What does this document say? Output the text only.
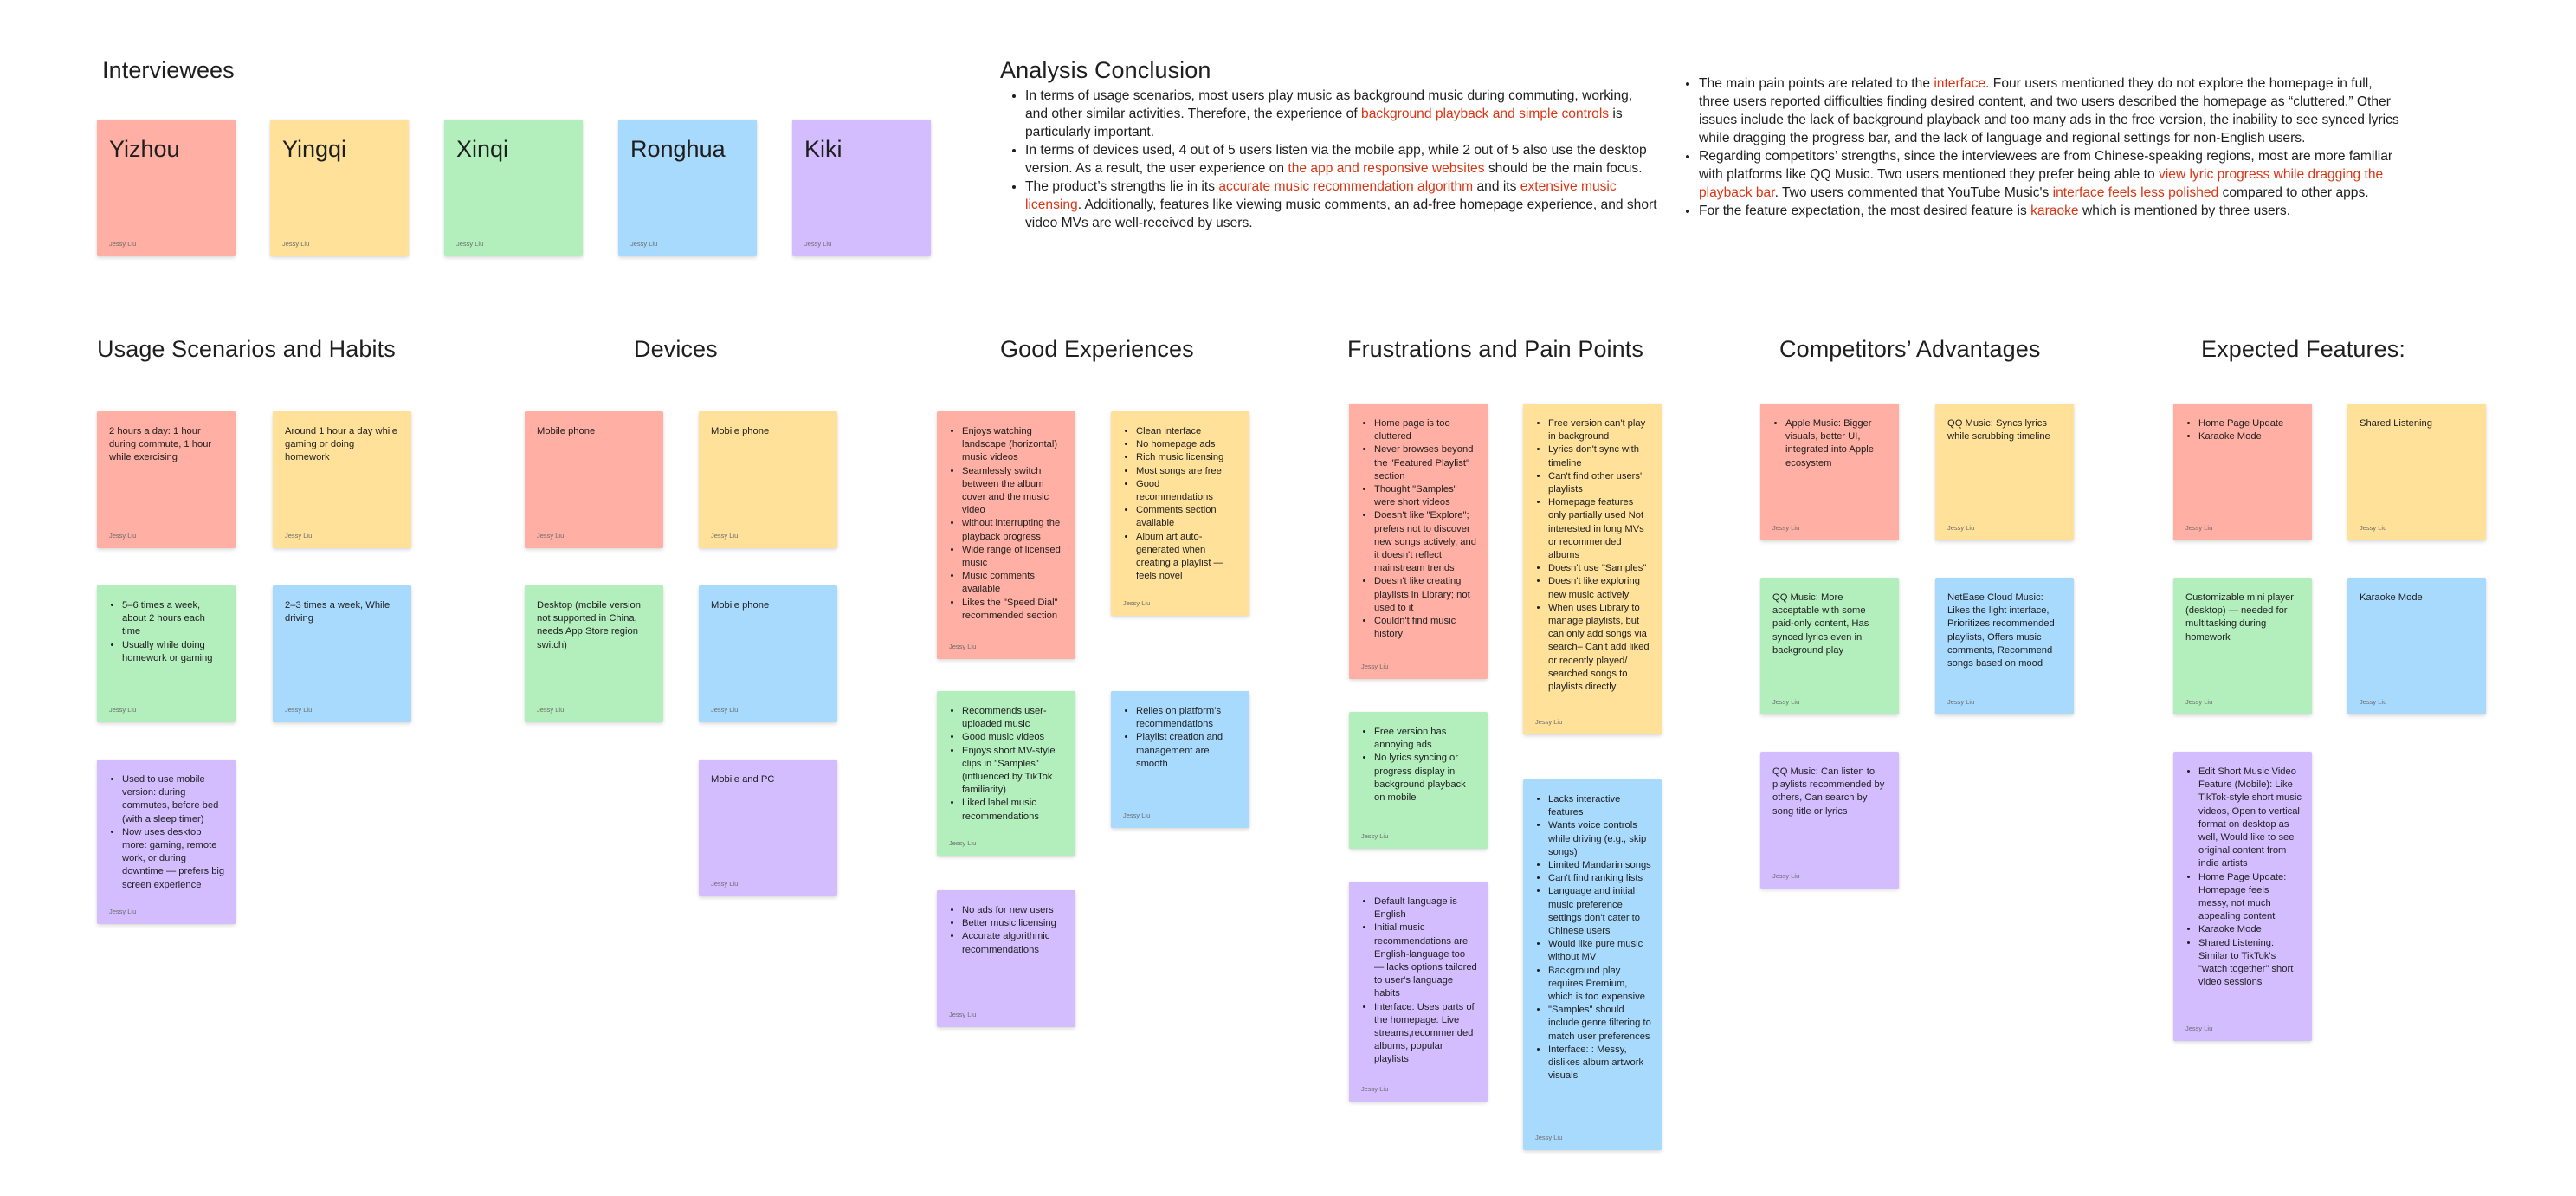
Interviewees	Analysis Conclusion
Usage Scenarios and Habits	Devices	Good Experiences	Frustrations and Pain Points	Competitors’ Advantages	Expected Features:
Yizhou
Jessy Liu
Yingqi
Jessy Liu
Xinqi
Jessy Liu
Ronghua
Jessy Liu
Kiki
Jessy Liu
• In terms of usage scenarios, most users play music as background music during commuting, working, and other similar activities. Therefore, the experience of background playback and simple controls is particularly important.
• In terms of devices used, 4 out of 5 users listen via the mobile app, while 2 out of 5 also use the desktop version. As a result, the user experience on the app and responsive websites should be the main focus.
• The product’s strengths lie in its accurate music recommendation algorithm and its extensive music licensing. Additionally, features like viewing music comments, an ad-free homepage experience, and short video MVs are well-received by users.
• The main pain points are related to the interface. Four users mentioned they do not explore the homepage in full, three users reported difficulties finding desired content, and two users described the homepage as “cluttered.” Other issues include the lack of background playback and too many ads in the free version, the inability to see synced lyrics while dragging the progress bar, and the lack of language and regional settings for non-English users.
• Regarding competitors’ strengths, since the interviewees are from Chinese-speaking regions, most are more familiar with platforms like QQ Music. Two users mentioned they prefer being able to view lyric progress while dragging the playback bar. Two users commented that YouTube Music's interface feels less polished compared to other apps.
• For the feature expectation, the most desired feature is karaoke which is mentioned by three users.

2 hours a day: 1 hour during commute, 1 hour while exercising

Jessy Liu

Around 1 hour a day while gaming or doing homework

Jessy Liu
• 5–6 times a week, about 2 hours each time
• Usually while doing homework or gaming
Jessy Liu

2–3 times a week, While driving

Jessy Liu
• Used to use mobile version: during commutes, before bed (with a sleep timer)
• Now uses desktop more: gaming, remote work, or during downtime — prefers big screen experience
Jessy Liu

Mobile phone

Jessy Liu

Mobile phone

Jessy Liu

Desktop (mobile version not supported in China, needs App Store region switch)

Jessy Liu

Mobile phone

Jessy Liu

Mobile and PC

Jessy Liu
• Enjoys watching landscape (horizontal) music videos
• Seamlessly switch between the album cover and the music video
• without interrupting the playback progress
• Wide range of licensed music
• Music comments available
• Likes the "Speed Dial" recommended section
Jessy Liu
• Clean interface
• No homepage ads
• Rich music licensing
• Most songs are free
• Good recommendations
• Comments section available
• Album art auto-generated when creating a playlist — feels novel
Jessy Liu
• Recommends user-uploaded music
• Good music videos
• Enjoys short MV-style clips in "Samples" (influenced by TikTok familiarity)
• Liked label music recommendations
Jessy Liu
• Relies on platform’s recommendations
• Playlist creation and management are smooth
Jessy Liu
• No ads for new users
• Better music licensing
• Accurate algorithmic recommendations
Jessy Liu
• Home page is too cluttered
• Never browses beyond the "Featured Playlist" section
• Thought "Samples" were short videos
• Doesn't like "Explore"; prefers not to discover new songs actively, and it doesn't reflect mainstream trends
• Doesn't like creating playlists in Library; not used to it
• Couldn't find music history
Jessy Liu
• Free version can't play in background
• Lyrics don't sync with timeline
• Can't find other users' playlists
• Homepage features only partially used Not interested in long MVs or recommended albums
• Doesn't use "Samples"
• Doesn't like exploring new music actively
• When uses Library to manage playlists, but can only add songs via search– Can't add liked or recently played/ searched songs to playlists directly
Jessy Liu
• Free version has annoying ads
• No lyrics syncing or progress display in background playback on mobile
Jessy Liu
• Lacks interactive features
• Wants voice controls while driving (e.g., skip songs)
• Limited Mandarin songs
• Can't find ranking lists
• Language and initial music preference settings don't cater to Chinese users
• Would like pure music without MV
• Background play requires Premium, which is too expensive
• "Samples" should include genre filtering to match user preferences
• Interface: : Messy, dislikes album artwork visuals
Jessy Liu
• Default language is English
• Initial music recommendations are English-language too — lacks options tailored to user's language habits
• Interface: Uses parts of the homepage: Live streams,recommended albums, popular playlists
Jessy Liu
• Apple Music: Bigger visuals, better UI, integrated into Apple ecosystem
Jessy Liu

QQ Music: Syncs lyrics while scrubbing timeline

Jessy Liu

QQ Music: More acceptable with some paid-only content, Has synced lyrics even in background play

Jessy Liu

NetEase Cloud Music: Likes the light interface, Prioritizes recommended playlists, Offers music comments, Recommend songs based on mood

Jessy Liu

QQ Music: Can listen to playlists recommended by others, Can search by song title or lyrics

Jessy Liu
• Home Page Update
• Karaoke Mode
Jessy Liu

Shared Listening

Jessy Liu

Customizable mini player (desktop) — needed for multitasking during homework

Jessy Liu

Karaoke Mode

Jessy Liu
• Edit Short Music Video Feature (Mobile): Like TikTok-style short music videos, Open to vertical format on desktop as well, Would like to see original content from indie artists
• Home Page Update: Homepage feels messy, not much appealing content
• Karaoke Mode
• Shared Listening: Similar to TikTok's "watch together" short video sessions
Jessy Liu
